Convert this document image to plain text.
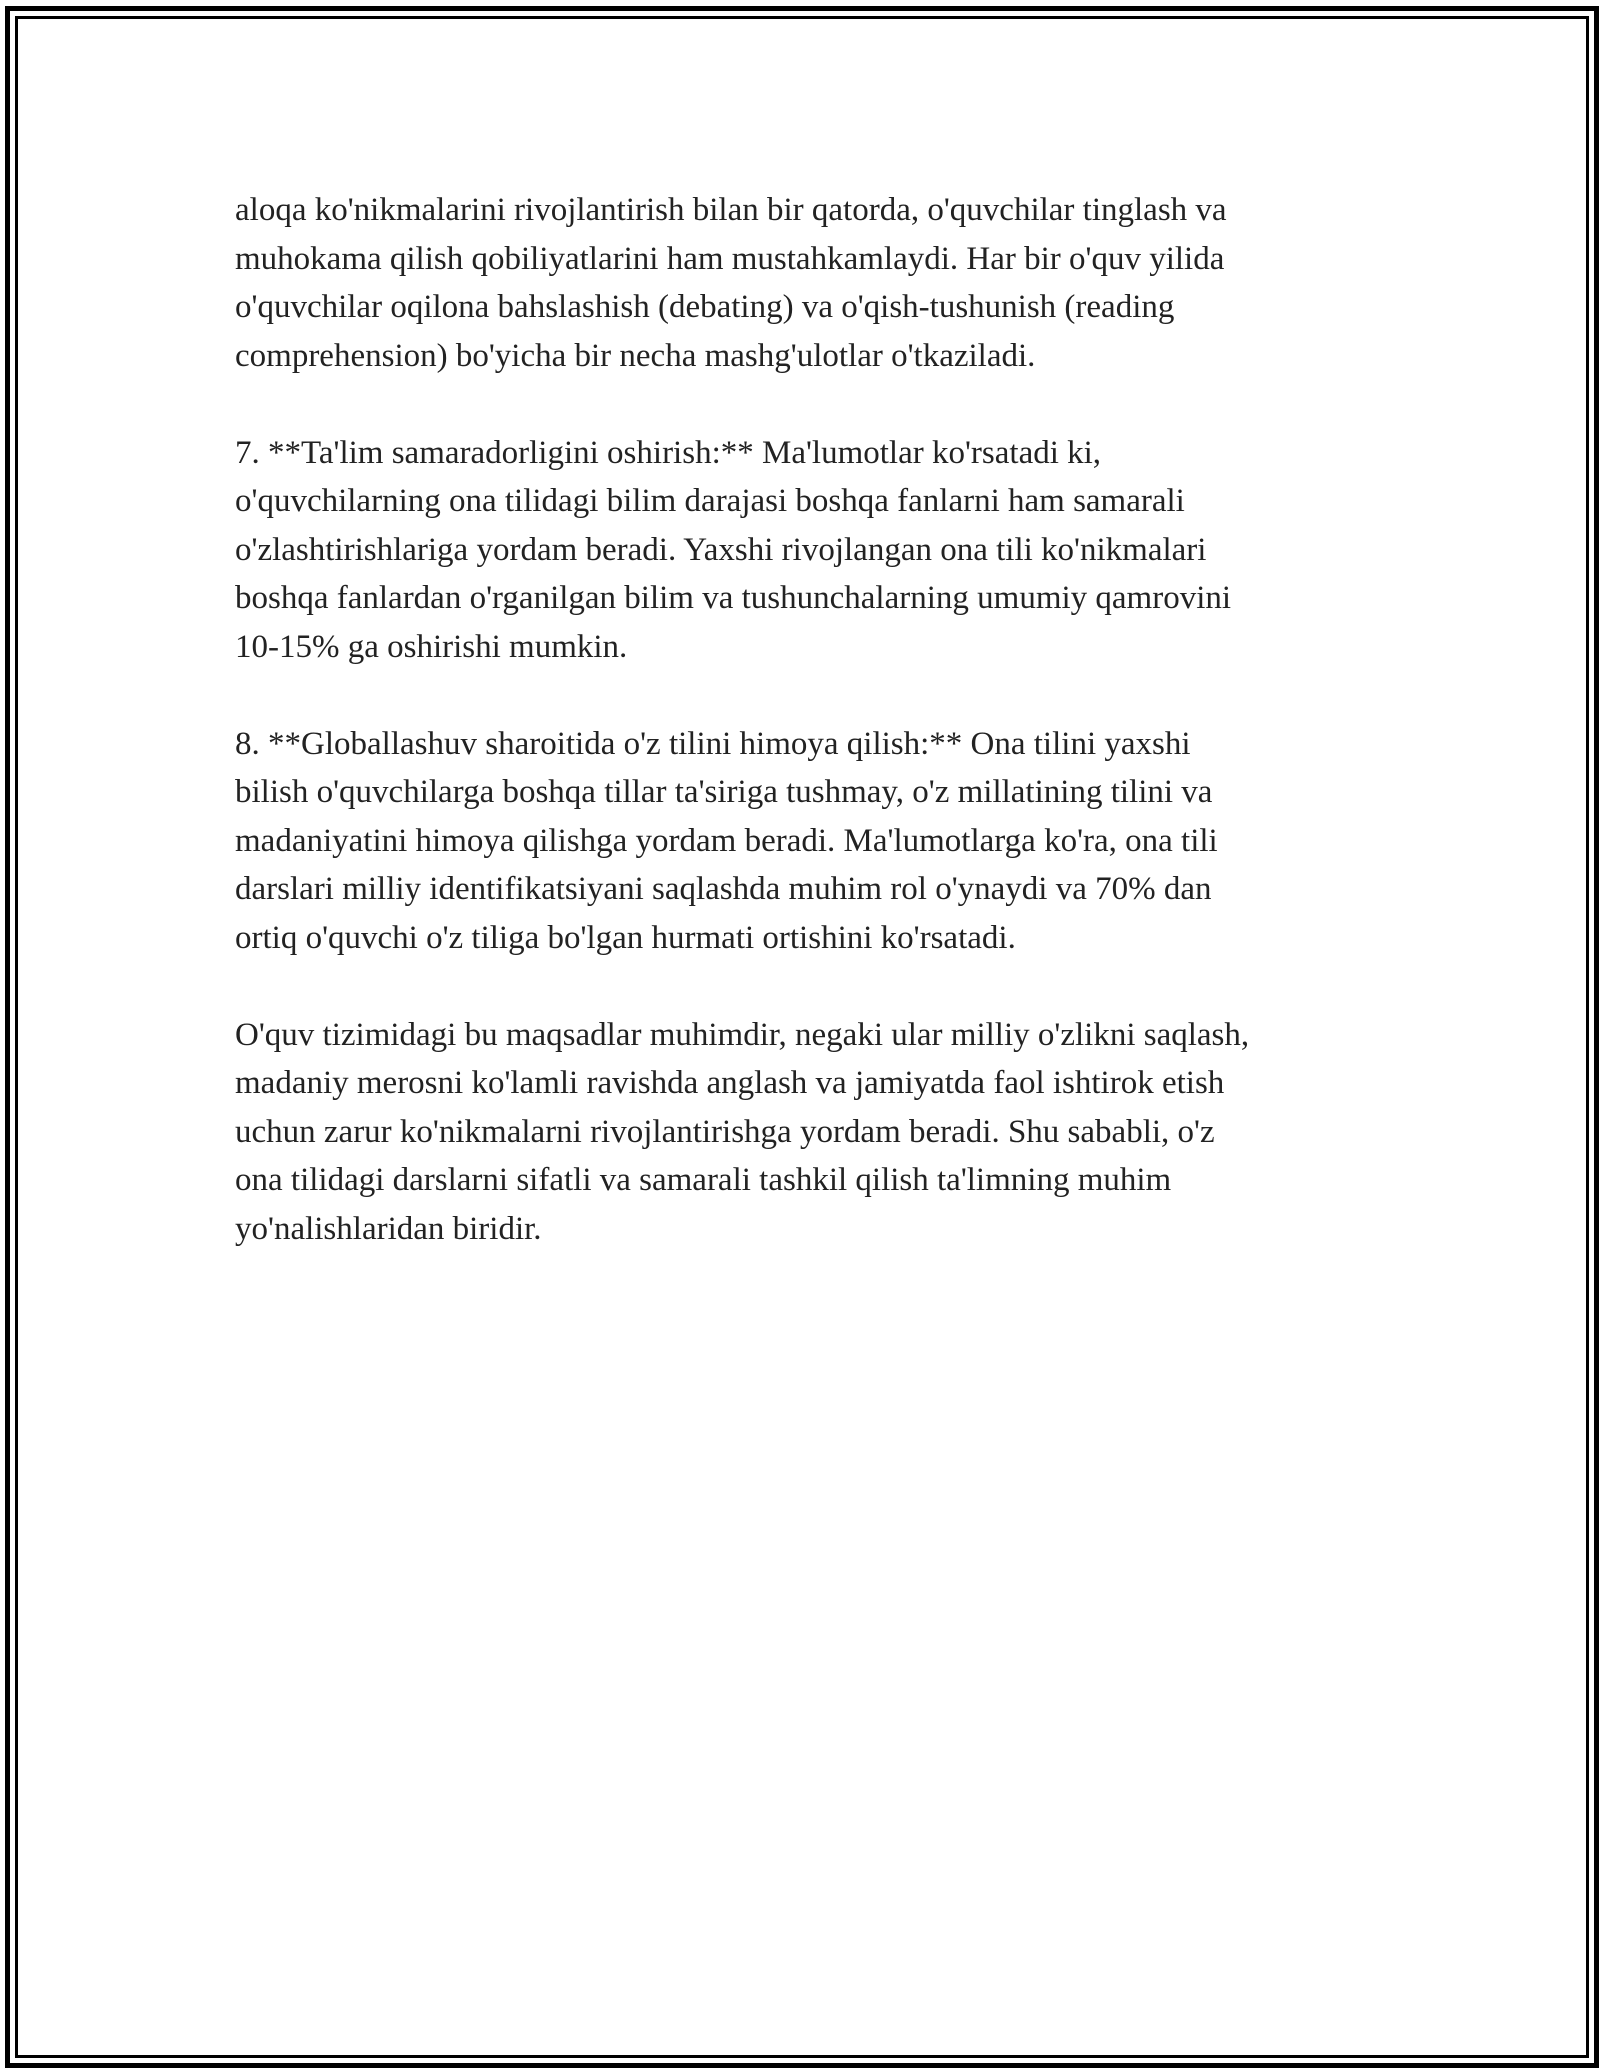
aloqa ko'nikmalarini rivojlantirish bilan bir qatorda, o'quvchilar tinglash va
muhokama qilish qobiliyatlarini ham mustahkamlaydi. Har bir o'quv yilida
o'quvchilar oqilona bahslashish (debating) va o'qish-tushunish (reading
comprehension) bo'yicha bir necha mashg'ulotlar o'tkaziladi.

7. **Ta'lim samaradorligini oshirish:** Ma'lumotlar ko'rsatadi ki,
o'quvchilarning ona tilidagi bilim darajasi boshqa fanlarni ham samarali
o'zlashtirishlariga yordam beradi. Yaxshi rivojlangan ona tili ko'nikmalari
boshqa fanlardan o'rganilgan bilim va tushunchalarning umumiy qamrovini
10-15% ga oshirishi mumkin.

8. **Globallashuv sharoitida o'z tilini himoya qilish:** Ona tilini yaxshi
bilish o'quvchilarga boshqa tillar ta'siriga tushmay, o'z millatining tilini va
madaniyatini himoya qilishga yordam beradi. Ma'lumotlarga ko'ra, ona tili
darslari milliy identifikatsiyani saqlashda muhim rol o'ynaydi va 70% dan
ortiq o'quvchi o'z tiliga bo'lgan hurmati ortishini ko'rsatadi.

O'quv tizimidagi bu maqsadlar muhimdir, negaki ular milliy o'zlikni saqlash,
madaniy merosni ko'lamli ravishda anglash va jamiyatda faol ishtirok etish
uchun zarur ko'nikmalarni rivojlantirishga yordam beradi. Shu sababli, o'z
ona tilidagi darslarni sifatli va samarali tashkil qilish ta'limning muhim
yo'nalishlaridan biridir.
